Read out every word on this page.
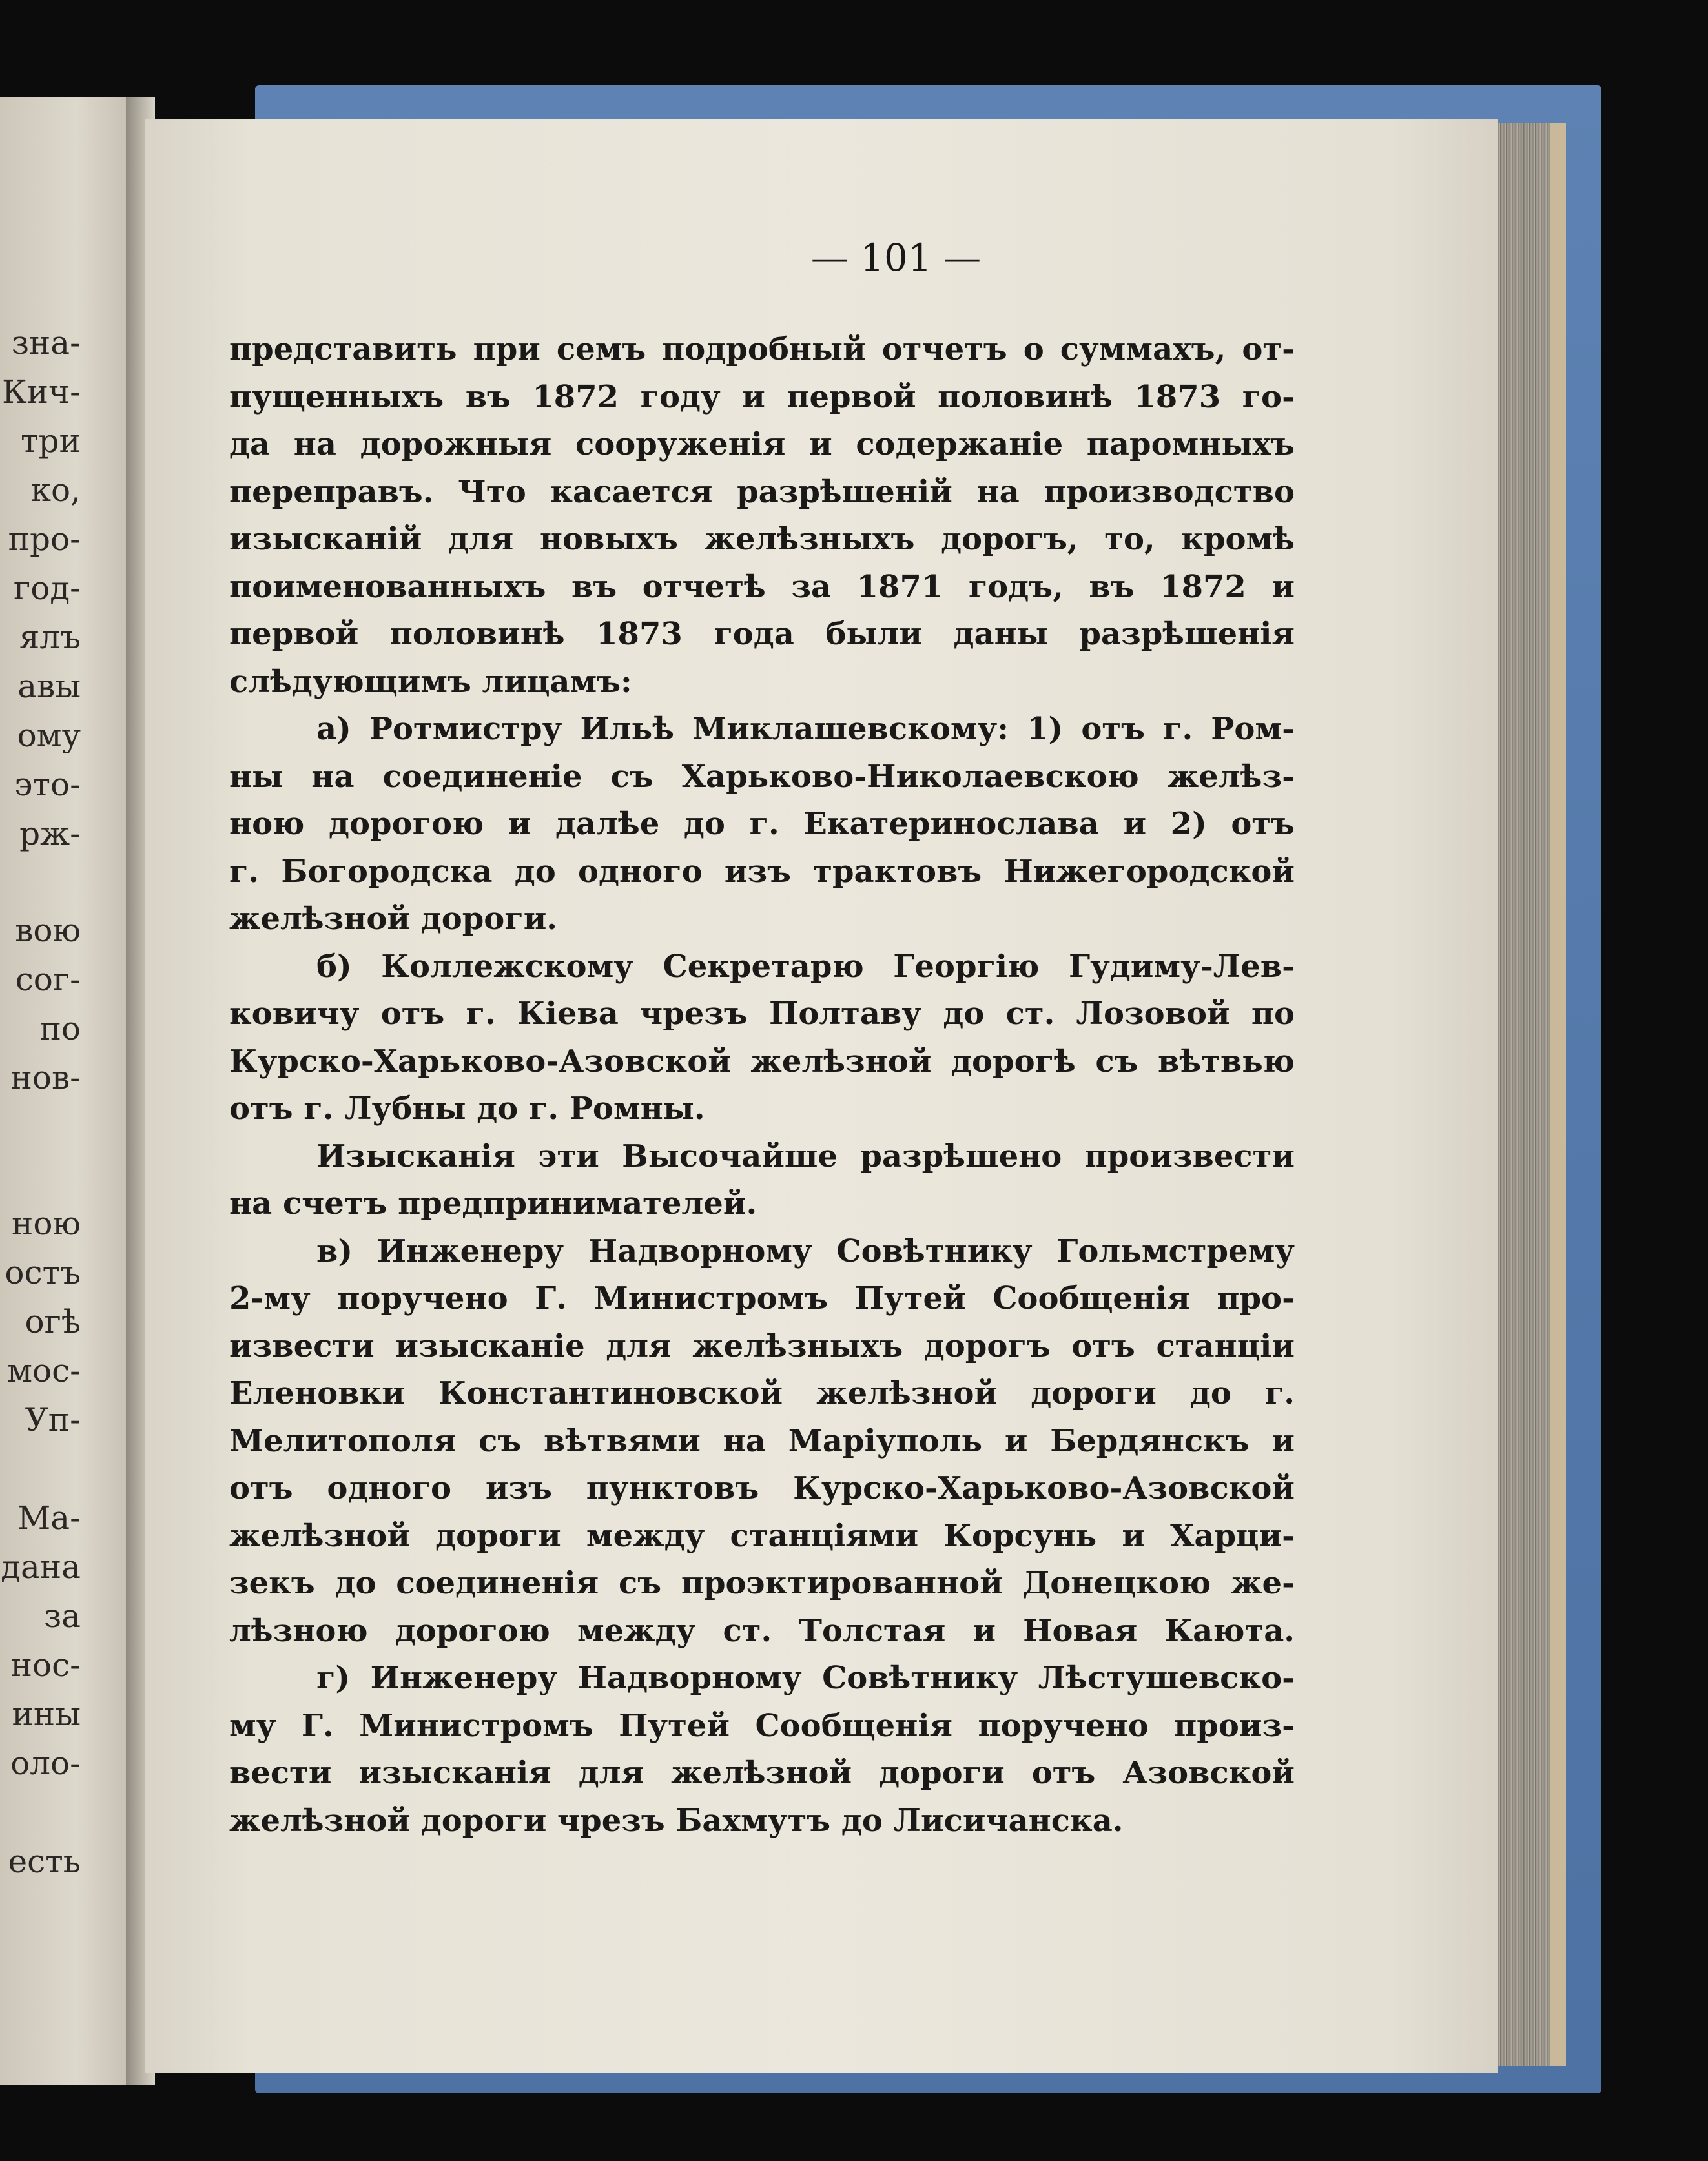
зна-
Кич-
три
ко,
про-
год-
ялъ
авы
ому
это-
рж-
вою
сог-
по
нов-
ною
остъ
огѣ
мос-
Уп-
Ма-
дана
за
нос-
ины
оло-
есть
— 101 —
представить при семъ подробный отчетъ о суммахъ, от-
пущенныхъ въ 1872 году и первой половинѣ 1873 го-
да на дорожныя сооруженія и содержаніе паромныхъ
переправъ. Что касается разрѣшеній на производство
изысканій для новыхъ желѣзныхъ дорогъ, то, кромѣ
поименованныхъ въ отчетѣ за 1871 годъ, въ 1872 и
первой половинѣ 1873 года были даны разрѣшенія
слѣдующимъ лицамъ:
а) Ротмистру Ильѣ Миклашевскому: 1) отъ г. Ром-
ны на соединеніе съ Харьково-Николаевскою желѣз-
ною дорогою и далѣе до г. Екатеринослава и 2) отъ
г. Богородска до одного изъ трактовъ Нижегородской
желѣзной дороги.
б) Коллежскому Секретарю Георгію Гудиму-Лев-
ковичу отъ г. Кіева чрезъ Полтаву до ст. Лозовой по
Курско-Харьково-Азовской желѣзной дорогѣ съ вѣтвью
отъ г. Лубны до г. Ромны.
Изысканія эти Высочайше разрѣшено произвести
на счетъ предпринимателей.
в) Инженеру Надворному Совѣтнику Гольмстрему
2-му поручено Г. Министромъ Путей Сообщенія про-
извести изысканіе для желѣзныхъ дорогъ отъ станціи
Еленовки Константиновской желѣзной дороги до г.
Мелитополя съ вѣтвями на Маріуполь и Бердянскъ и
отъ одного изъ пунктовъ Курско-Харьково-Азовской
желѣзной дороги между станціями Корсунь и Харци-
зекъ до соединенія съ проэктированной Донецкою же-
лѣзною дорогою между ст. Толстая и Новая Каюта.
г) Инженеру Надворному Совѣтнику Лѣстушевско-
му Г. Министромъ Путей Сообщенія поручено произ-
вести изысканія для желѣзной дороги отъ Азовской
желѣзной дороги чрезъ Бахмутъ до Лисичанска.
